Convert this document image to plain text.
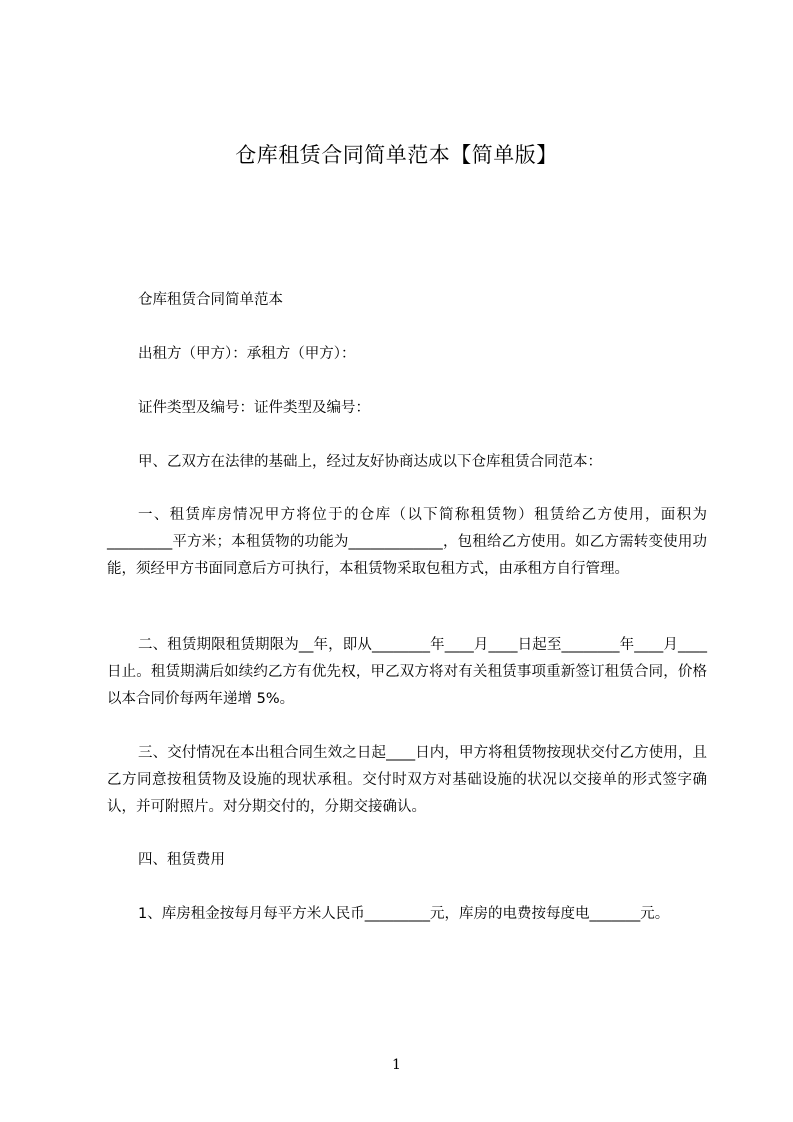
仓库租赁合同简单范本【简单版】
仓库租赁合同简单范本
出租方（甲方）：承租方（甲方）：
证件类型及编号：证件类型及编号：
甲、乙双方在法律的基础上，经过友好协商达成以下仓库租赁合同范本：
一、租赁库房情况甲方将位于的仓库（以下简称租赁物）租赁给乙方使用，面积为_________平方米；本租赁物的功能为_____________，包租给乙方使用。如乙方需转变使用功能，须经甲方书面同意后方可执行，本租赁物采取包租方式，由承租方自行管理。
二、租赁期限租赁期限为__年，即从________年____月____日起至________年____月____日止。租赁期满后如续约乙方有优先权，甲乙双方将对有关租赁事项重新签订租赁合同，价格以本合同价每两年递增 5%。
三、交付情况在本出租合同生效之日起____日内，甲方将租赁物按现状交付乙方使用，且乙方同意按租赁物及设施的现状承租。交付时双方对基础设施的状况以交接单的形式签字确认，并可附照片。对分期交付的，分期交接确认。
四、租赁费用
1、库房租金按每月每平方米人民币_________元，库房的电费按每度电_______元。
1
